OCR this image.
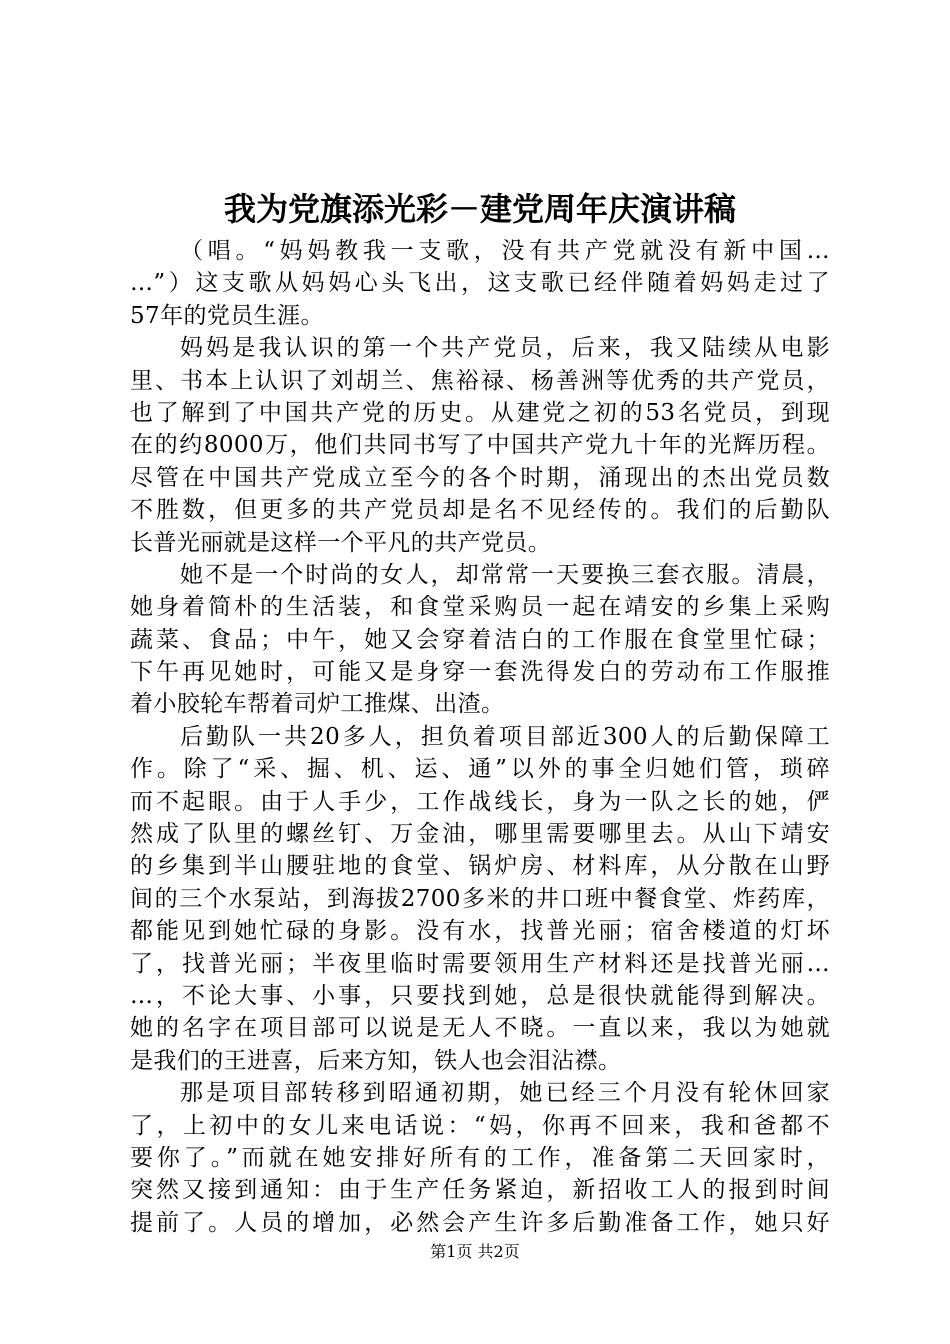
我为党旗添光彩－建党周年庆演讲稿
（唱。“妈妈教我一支歌，没有共产党就没有新中国…
…”）这支歌从妈妈心头飞出，这支歌已经伴随着妈妈走过了
57年的党员生涯。
妈妈是我认识的第一个共产党员，后来，我又陆续从电影
里、书本上认识了刘胡兰、焦裕禄、杨善洲等优秀的共产党员，
也了解到了中国共产党的历史。从建党之初的53名党员，到现
在的约8000万，他们共同书写了中国共产党九十年的光辉历程。
尽管在中国共产党成立至今的各个时期，涌现出的杰出党员数
不胜数，但更多的共产党员却是名不见经传的。我们的后勤队
长普光丽就是这样一个平凡的共产党员。
她不是一个时尚的女人，却常常一天要换三套衣服。清晨，
她身着简朴的生活装，和食堂采购员一起在靖安的乡集上采购
蔬菜、食品；中午，她又会穿着洁白的工作服在食堂里忙碌；
下午再见她时，可能又是身穿一套洗得发白的劳动布工作服推
着小胶轮车帮着司炉工推煤、出渣。
后勤队一共20多人，担负着项目部近300人的后勤保障工
作。除了“采、掘、机、运、通”以外的事全归她们管，琐碎
而不起眼。由于人手少，工作战线长，身为一队之长的她，俨
然成了队里的螺丝钉、万金油，哪里需要哪里去。从山下靖安
的乡集到半山腰驻地的食堂、锅炉房、材料库，从分散在山野
间的三个水泵站，到海拔2700多米的井口班中餐食堂、炸药库，
都能见到她忙碌的身影。没有水，找普光丽；宿舍楼道的灯坏
了，找普光丽；半夜里临时需要领用生产材料还是找普光丽…
…，不论大事、小事，只要找到她，总是很快就能得到解决。
她的名字在项目部可以说是无人不晓。一直以来，我以为她就
是我们的王进喜，后来方知，铁人也会泪沾襟。
那是项目部转移到昭通初期，她已经三个月没有轮休回家
了，上初中的女儿来电话说：“妈，你再不回来，我和爸都不
要你了。”而就在她安排好所有的工作，准备第二天回家时，
突然又接到通知：由于生产任务紧迫，新招收工人的报到时间
提前了。人员的增加，必然会产生许多后勤准备工作，她只好
第1页 共2页
